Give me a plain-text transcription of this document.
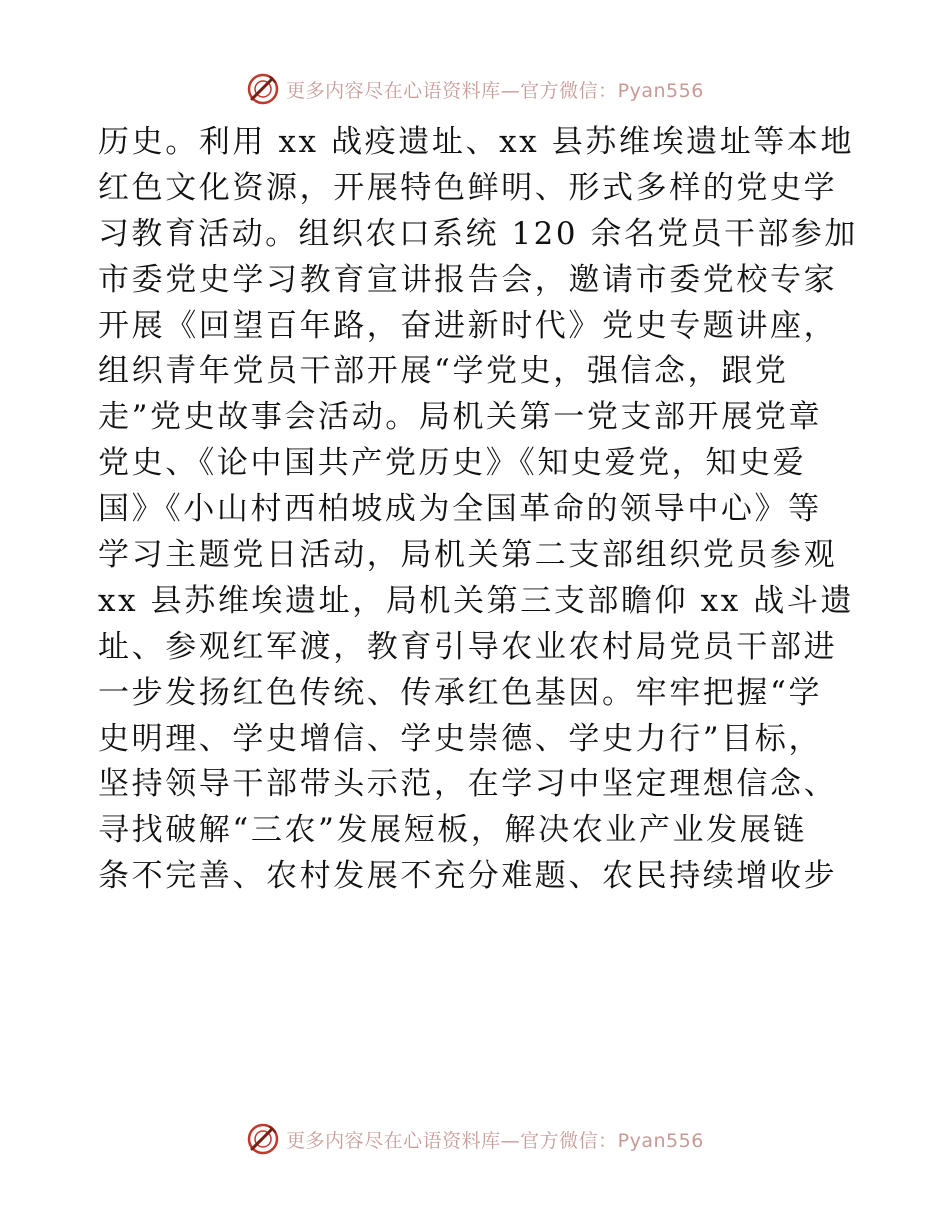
更多内容尽在心语资料库—官方微信：Pyan556
历史。利用 xx 战疫遗址、xx 县苏维埃遗址等本地
红色文化资源，开展特色鲜明、形式多样的党史学
习教育活动。组织农口系统 120 余名党员干部参加
市委党史学习教育宣讲报告会，邀请市委党校专家
开展《回望百年路，奋进新时代》党史专题讲座，
组织青年党员干部开展“学党史，强信念，跟党
走”党史故事会活动。局机关第一党支部开展党章
党史、《论中国共产党历史》《知史爱党，知史爱
国》《小山村西柏坡成为全国革命的领导中心》等
学习主题党日活动，局机关第二支部组织党员参观
xx 县苏维埃遗址，局机关第三支部瞻仰 xx 战斗遗
址、参观红军渡，教育引导农业农村局党员干部进
一步发扬红色传统、传承红色基因。牢牢把握“学
史明理、学史增信、学史崇德、学史力行”目标，
坚持领导干部带头示范，在学习中坚定理想信念、
寻找破解“三农”发展短板，解决农业产业发展链
条不完善、农村发展不充分难题、农民持续增收步
更多内容尽在心语资料库—官方微信：Pyan556
